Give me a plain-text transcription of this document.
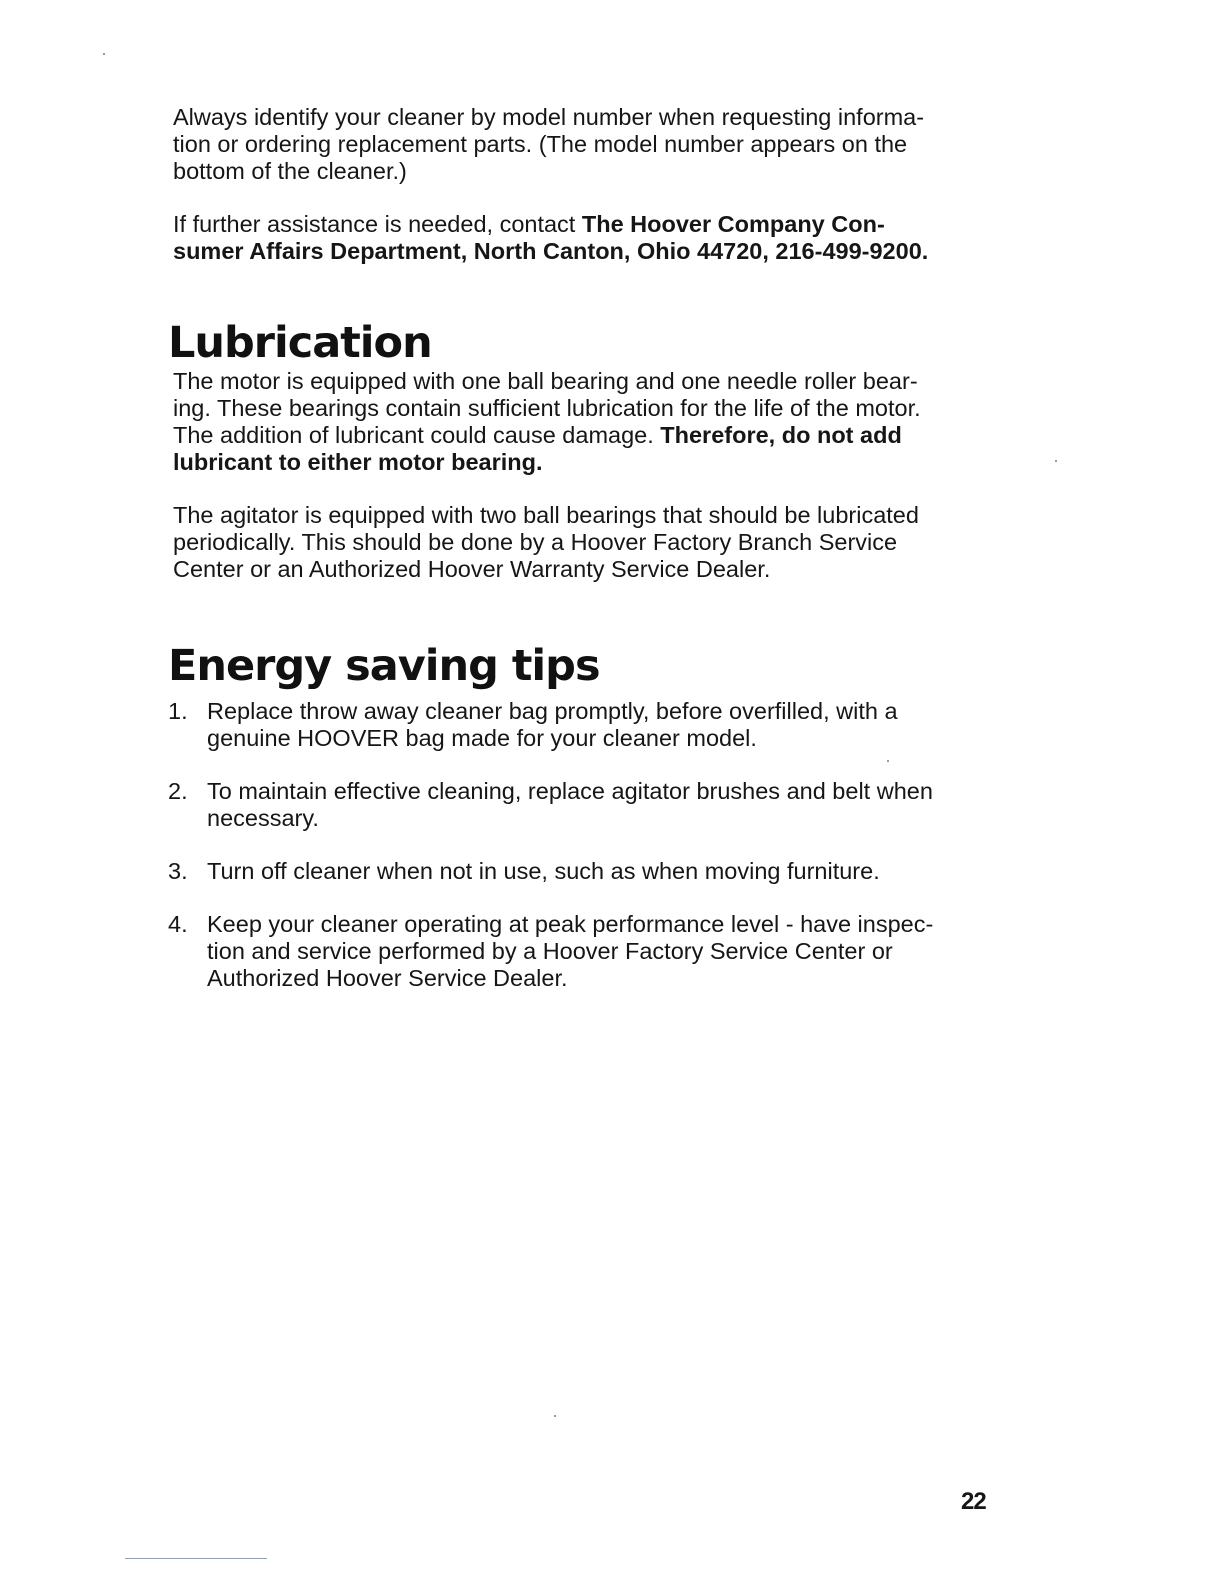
Always identify your cleaner by model number when requesting informa-
tion or ordering replacement parts. (The model number appears on the
bottom of the cleaner.)

If further assistance is needed, contact The Hoover Company Con-
sumer Affairs Department, North Canton, Ohio 44720, 216-499-9200.

Lubrication

The motor is equipped with one ball bearing and one needle roller bear-
ing. These bearings contain sufficient lubrication for the life of the motor.
The addition of lubricant could cause damage. Therefore, do not add
lubricant to either motor bearing.

The agitator is equipped with two ball bearings that should be lubricated
periodically. This should be done by a Hoover Factory Branch Service
Center or an Authorized Hoover Warranty Service Dealer.

Energy saving tips
1. Replace throw away cleaner bag promptly, before overfilled, with a
genuine HOOVER bag made for your cleaner model.
2. To maintain effective cleaning, replace agitator brushes and belt when
necessary.
3. Turn off cleaner when not in use, such as when moving furniture.
4. Keep your cleaner operating at peak performance level - have inspec-
tion and service performed by a Hoover Factory Service Center or
Authorized Hoover Service Dealer.
22
